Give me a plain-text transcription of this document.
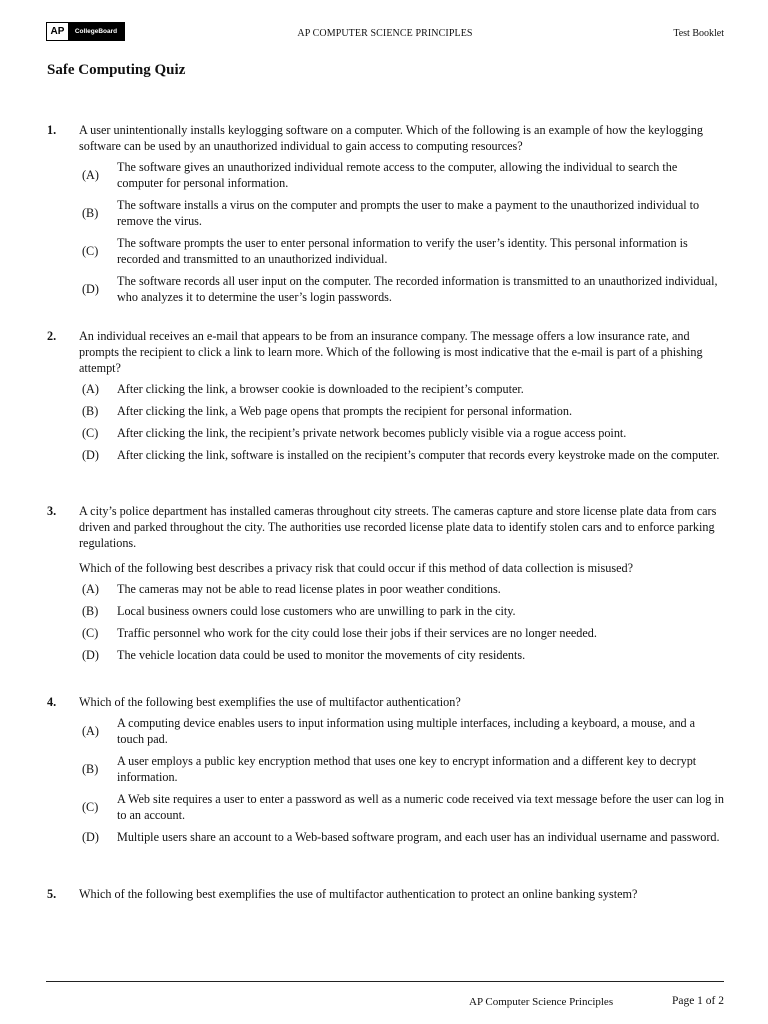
AP	CollegeBoard	AP COMPUTER SCIENCE PRINCIPLES	Test Booklet
Safe Computing Quiz
1. A user unintentionally installs keylogging software on a computer. Which of the following is an example of how the keylogging software can be used by an unauthorized individual to gain access to computing resources?
(A)
The software gives an unauthorized individual remote access to the computer, allowing the individual to search the computer for personal information.
(B)
The software installs a virus on the computer and prompts the user to make a payment to the unauthorized individual to remove the virus.
(C)
The software prompts the user to enter personal information to verify the user’s identity. This personal information is recorded and transmitted to an unauthorized individual.
(D)
The software records all user input on the computer. The recorded information is transmitted to an unauthorized individual, who analyzes it to determine the user’s login passwords.
2. An individual receives an e-mail that appears to be from an insurance company. The message offers a low insurance rate, and prompts the recipient to click a link to learn more. Which of the following is most indicative that the e-mail is part of a phishing attempt?
(A)	After clicking the link, a browser cookie is downloaded to the recipient’s computer.
(B)	After clicking the link, a Web page opens that prompts the recipient for personal information.
(C)	After clicking the link, the recipient’s private network becomes publicly visible via a rogue access point.
(D)	After clicking the link, software is installed on the recipient’s computer that records every keystroke made on the computer.
3. A city’s police department has installed cameras throughout city streets. The cameras capture and store license plate data from cars driven and parked throughout the city. The authorities use recorded license plate data to identify stolen cars and to enforce parking regulations.
Which of the following best describes a privacy risk that could occur if this method of data collection is misused?
(A)	The cameras may not be able to read license plates in poor weather conditions.
(B)	Local business owners could lose customers who are unwilling to park in the city.
(C)	Traffic personnel who work for the city could lose their jobs if their services are no longer needed.
(D)	The vehicle location data could be used to monitor the movements of city residents.
4. Which of the following best exemplifies the use of multifactor authentication?
(A)
A computing device enables users to input information using multiple interfaces, including a keyboard, a mouse, and a touch pad.
(B)
A user employs a public key encryption method that uses one key to encrypt information and a different key to decrypt information.
(C)
A Web site requires a user to enter a password as well as a numeric code received via text message before the user can log in to an account.
(D)	Multiple users share an account to a Web-based software program, and each user has an individual username and password.
5. Which of the following best exemplifies the use of multifactor authentication to protect an online banking system?
AP Computer Science Principles	Page 1 of 2
